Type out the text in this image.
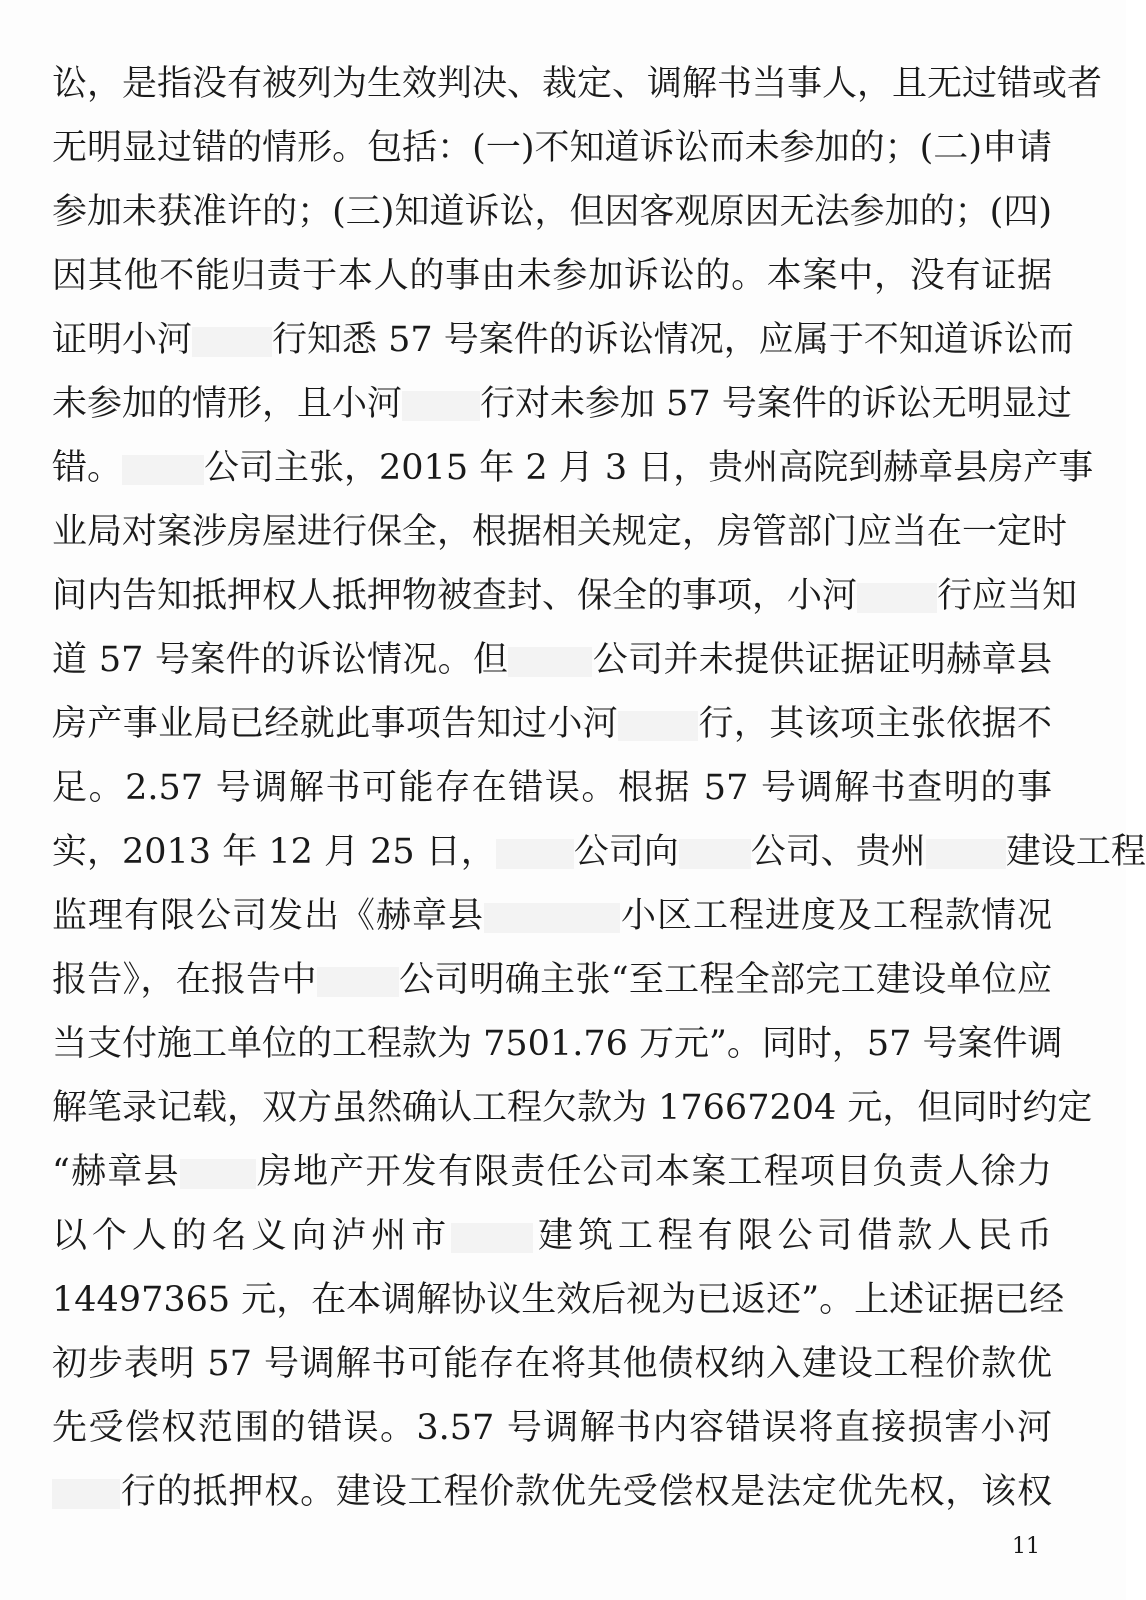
讼，是指没有被列为生效判决、裁定、调解书当事人，且无过错或者
无明显过错的情形。包括：(一)不知道诉讼而未参加的；(二)申请
参加未获准许的；(三)知道诉讼，但因客观原因无法参加的；(四)
因其他不能归责于本人的事由未参加诉讼的。本案中，没有证据
证明小河 行知悉 57 号案件的诉讼情况，应属于不知道诉讼而
未参加的情形，且小河 行对未参加 57 号案件的诉讼无明显过
错。 公司主张，2015 年 2 月 3 日，贵州高院到赫章县房产事
业局对案涉房屋进行保全，根据相关规定，房管部门应当在一定时
间内告知抵押权人抵押物被查封、保全的事项，小河 行应当知
道 57 号案件的诉讼情况。但 公司并未提供证据证明赫章县
房产事业局已经就此事项告知过小河 行，其该项主张依据不
足。2.57 号调解书可能存在错误。根据 57 号调解书查明的事
实，2013 年 12 月 25 日， 公司向 公司、贵州 建设工程
监理有限公司发出《赫章县	小区工程进度及工程款情况
报告》，在报告中 公司明确主张“至工程全部完工建设单位应
当支付施工单位的工程款为 7501.76 万元”。同时，57 号案件调
解笔录记载，双方虽然确认工程欠款为 17667204 元，但同时约定
“赫章县 房地产开发有限责任公司本案工程项目负责人徐力
以个人的名义向泸州市 建筑工程有限公司借款人民币
14497365 元，在本调解协议生效后视为已返还”。上述证据已经
初步表明 57 号调解书可能存在将其他债权纳入建设工程价款优
先受偿权范围的错误。3.57 号调解书内容错误将直接损害小河
行的抵押权。建设工程价款优先受偿权是法定优先权，该权
11
